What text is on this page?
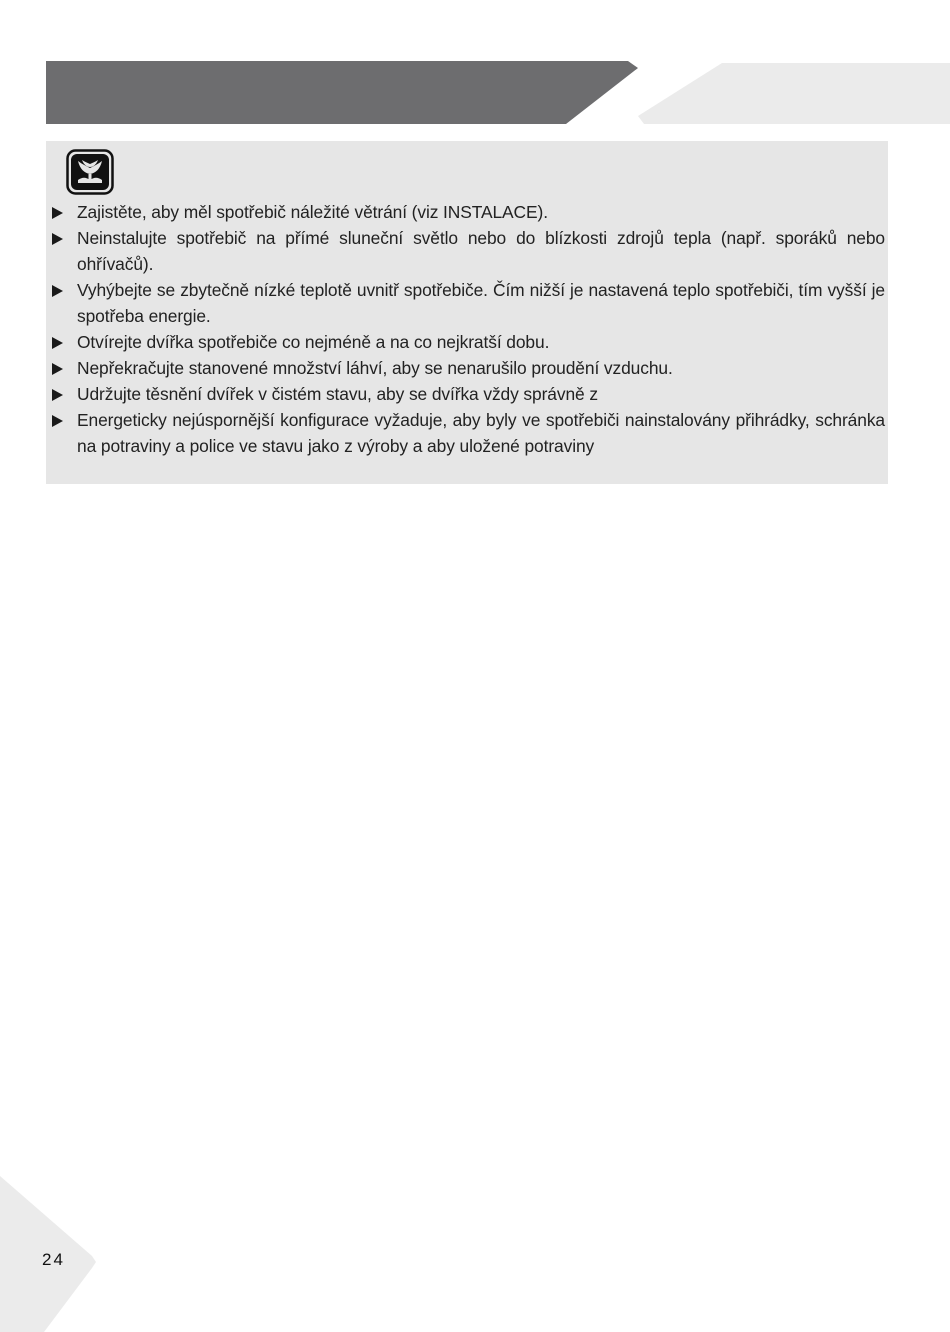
Zajistěte, aby měl spotřebič náležité větrání (viz INSTALACE).
Neinstalujte spotřebič na přímé sluneční světlo nebo do blízkosti zdrojů tepla (např. sporáků nebo ohřívačů).
Vyhýbejte se zbytečně nízké teplotě uvnitř spotřebiče. Čím nižší je nastavená teplo spotřebiči, tím vyšší je spotřeba energie.
Otvírejte dvířka spotřebiče co nejméně a na co nejkratší dobu.
Nepřekračujte stanovené množství láhví, aby se nenarušilo proudění vzduchu.
Udržujte těsnění dvířek v čistém stavu, aby se dvířka vždy správně z
Energeticky nejúspornější konfigurace vyžaduje, aby byly ve spotřebiči nainstalovány přihrádky, schránka na potraviny a police ve stavu jako z výroby a aby uložené potraviny
24
